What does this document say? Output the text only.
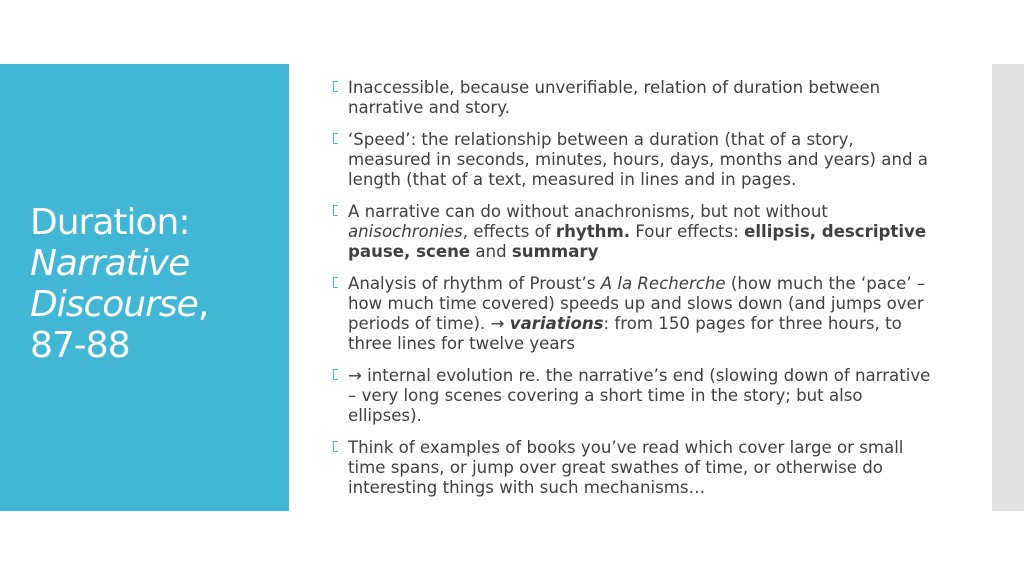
Duration:
Narrative
Discourse,
87-88
Inaccessible, because unverifiable, relation of duration between narrative and story.
‘Speed’: the relationship between a duration (that of a story, measured in seconds, minutes, hours, days, months and years) and a length (that of a text, measured in lines and in pages.
A narrative can do without anachronisms, but not without anisochronies, effects of rhythm. Four effects: ellipsis, descriptive pause, scene and summary
Analysis of rhythm of Proust’s A la Recherche (how much the ‘pace’ – how much time covered) speeds up and slows down (and jumps over periods of time). → variations: from 150 pages for three hours, to three lines for twelve years
→ internal evolution re. the narrative’s end (slowing down of narrative – very long scenes covering a short time in the story; but also ellipses).
Think of examples of books you’ve read which cover large or small time spans, or jump over great swathes of time, or otherwise do interesting things with such mechanisms…
